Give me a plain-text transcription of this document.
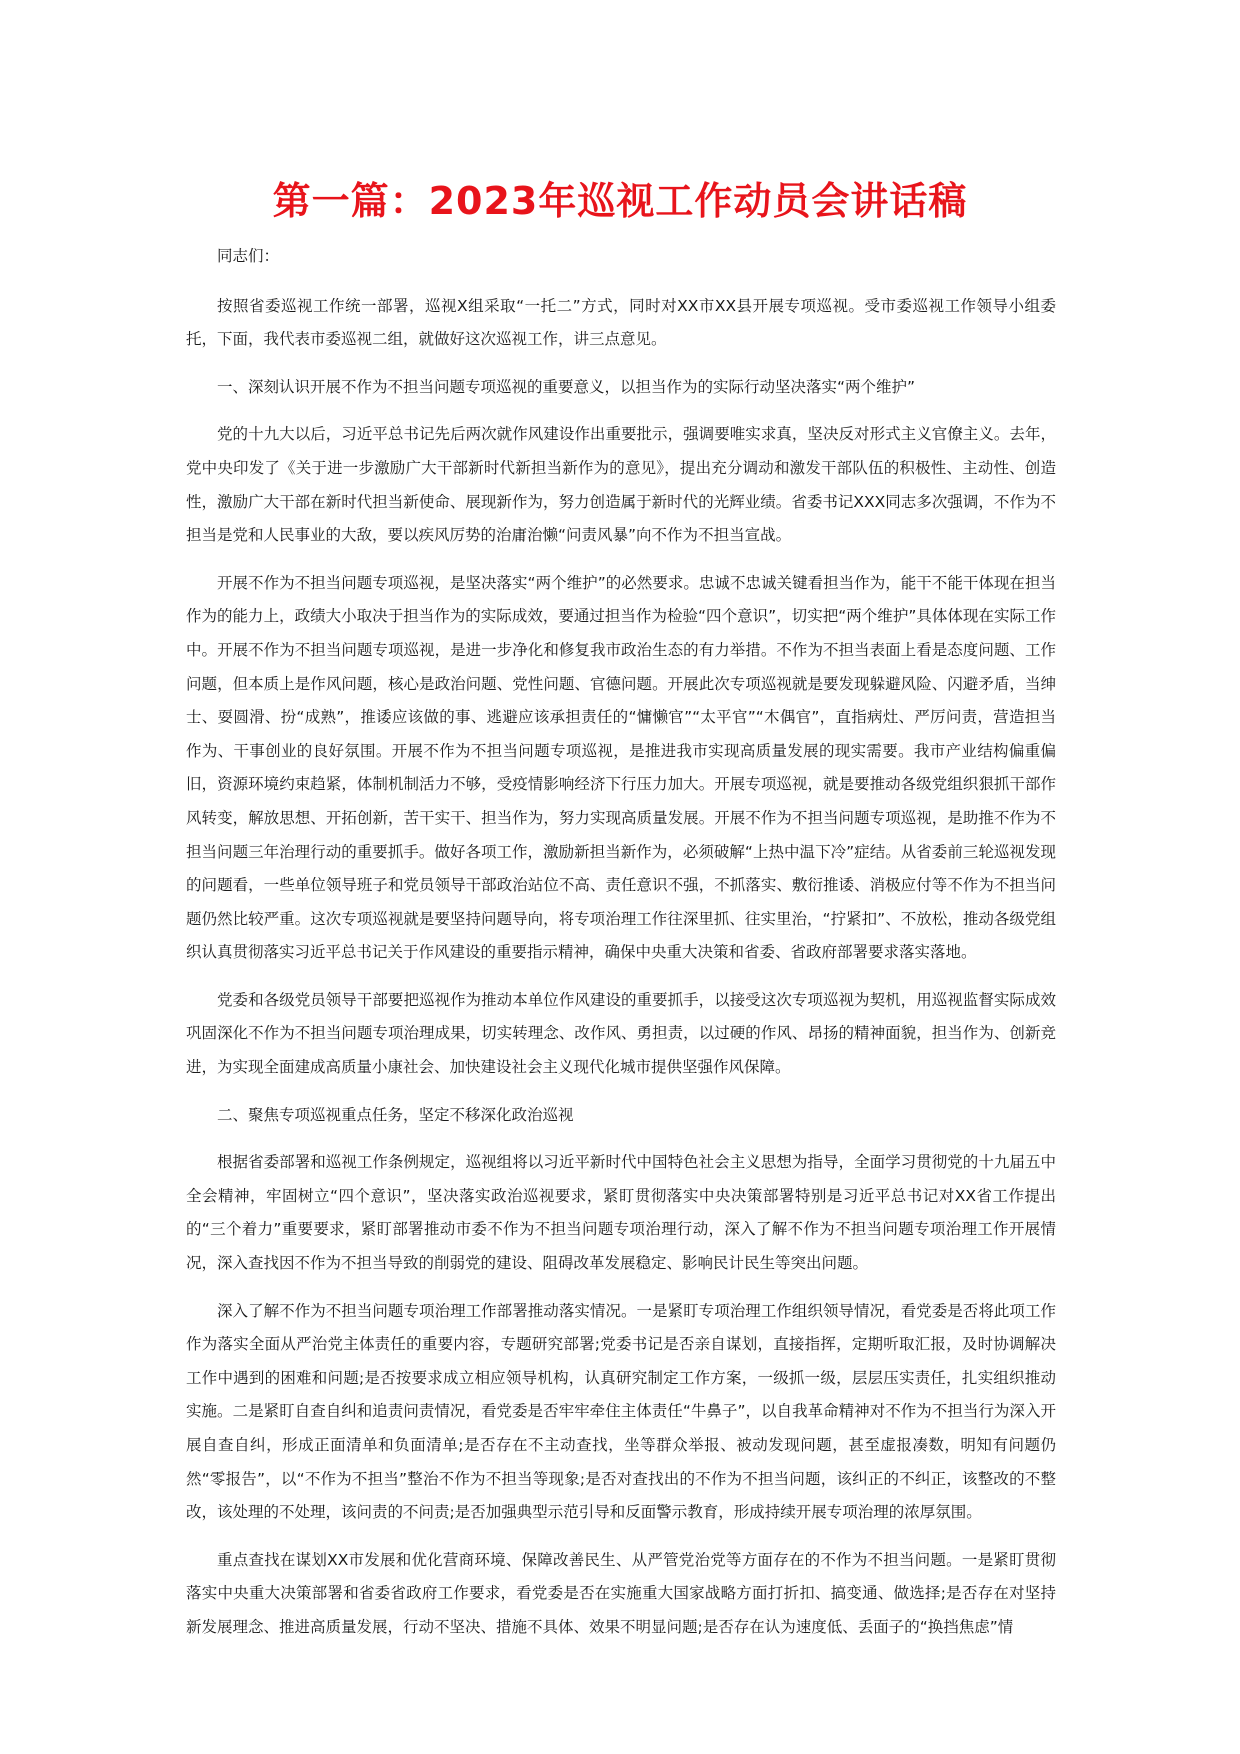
第一篇：2023年巡视工作动员会讲话稿

同志们：

按照省委巡视工作统一部署，巡视X组采取“一托二”方式，同时对XX市XX县开展专项巡视。受市委巡视工作领导小组委托，下面，我代表市委巡视二组，就做好这次巡视工作，讲三点意见。

一、深刻认识开展不作为不担当问题专项巡视的重要意义，以担当作为的实际行动坚决落实“两个维护”

党的十九大以后，习近平总书记先后两次就作风建设作出重要批示，强调要唯实求真，坚决反对形式主义官僚主义。去年，党中央印发了《关于进一步激励广大干部新时代新担当新作为的意见》，提出充分调动和激发干部队伍的积极性、主动性、创造性，激励广大干部在新时代担当新使命、展现新作为，努力创造属于新时代的光辉业绩。省委书记XXX同志多次强调，不作为不担当是党和人民事业的大敌，要以疾风厉势的治庸治懒“问责风暴”向不作为不担当宣战。

开展不作为不担当问题专项巡视，是坚决落实“两个维护”的必然要求。忠诚不忠诚关键看担当作为，能干不能干体现在担当作为的能力上，政绩大小取决于担当作为的实际成效，要通过担当作为检验“四个意识”，切实把“两个维护”具体体现在实际工作中。开展不作为不担当问题专项巡视，是进一步净化和修复我市政治生态的有力举措。不作为不担当表面上看是态度问题、工作问题，但本质上是作风问题，核心是政治问题、党性问题、官德问题。开展此次专项巡视就是要发现躲避风险、闪避矛盾，当绅士、耍圆滑、扮“成熟”，推诿应该做的事、逃避应该承担责任的“慵懒官”“太平官”“木偶官”，直指病灶、严厉问责，营造担当作为、干事创业的良好氛围。开展不作为不担当问题专项巡视，是推进我市实现高质量发展的现实需要。我市产业结构偏重偏旧，资源环境约束趋紧，体制机制活力不够，受疫情影响经济下行压力加大。开展专项巡视，就是要推动各级党组织狠抓干部作风转变，解放思想、开拓创新，苦干实干、担当作为，努力实现高质量发展。开展不作为不担当问题专项巡视，是助推不作为不担当问题三年治理行动的重要抓手。做好各项工作，激励新担当新作为，必须破解“上热中温下冷”症结。从省委前三轮巡视发现的问题看，一些单位领导班子和党员领导干部政治站位不高、责任意识不强，不抓落实、敷衍推诿、消极应付等不作为不担当问题仍然比较严重。这次专项巡视就是要坚持问题导向，将专项治理工作往深里抓、往实里治，“拧紧扣”、不放松，推动各级党组织认真贯彻落实习近平总书记关于作风建设的重要指示精神，确保中央重大决策和省委、省政府部署要求落实落地。

党委和各级党员领导干部要把巡视作为推动本单位作风建设的重要抓手，以接受这次专项巡视为契机，用巡视监督实际成效巩固深化不作为不担当问题专项治理成果，切实转理念、改作风、勇担责，以过硬的作风、昂扬的精神面貌，担当作为、创新竞进，为实现全面建成高质量小康社会、加快建设社会主义现代化城市提供坚强作风保障。

二、聚焦专项巡视重点任务，坚定不移深化政治巡视

根据省委部署和巡视工作条例规定，巡视组将以习近平新时代中国特色社会主义思想为指导，全面学习贯彻党的十九届五中全会精神，牢固树立“四个意识”，坚决落实政治巡视要求，紧盯贯彻落实中央决策部署特别是习近平总书记对XX省工作提出的“三个着力”重要要求，紧盯部署推动市委不作为不担当问题专项治理行动，深入了解不作为不担当问题专项治理工作开展情况，深入查找因不作为不担当导致的削弱党的建设、阻碍改革发展稳定、影响民计民生等突出问题。

深入了解不作为不担当问题专项治理工作部署推动落实情况。一是紧盯专项治理工作组织领导情况，看党委是否将此项工作作为落实全面从严治党主体责任的重要内容，专题研究部署;党委书记是否亲自谋划，直接指挥，定期听取汇报，及时协调解决工作中遇到的困难和问题;是否按要求成立相应领导机构，认真研究制定工作方案，一级抓一级，层层压实责任，扎实组织推动实施。二是紧盯自查自纠和追责问责情况，看党委是否牢牢牵住主体责任“牛鼻子”，以自我革命精神对不作为不担当行为深入开展自查自纠，形成正面清单和负面清单;是否存在不主动查找，坐等群众举报、被动发现问题，甚至虚报凑数，明知有问题仍然“零报告”，以“不作为不担当”整治不作为不担当等现象;是否对查找出的不作为不担当问题，该纠正的不纠正，该整改的不整改，该处理的不处理，该问责的不问责;是否加强典型示范引导和反面警示教育，形成持续开展专项治理的浓厚氛围。

重点查找在谋划XX市发展和优化营商环境、保障改善民生、从严管党治党等方面存在的不作为不担当问题。一是紧盯贯彻落实中央重大决策部署和省委省政府工作要求，看党委是否在实施重大国家战略方面打折扣、搞变通、做选择;是否存在对坚持新发展理念、推进高质量发展，行动不坚决、措施不具体、效果不明显问题;是否存在认为速度低、丢面子的“换挡焦虑”情
